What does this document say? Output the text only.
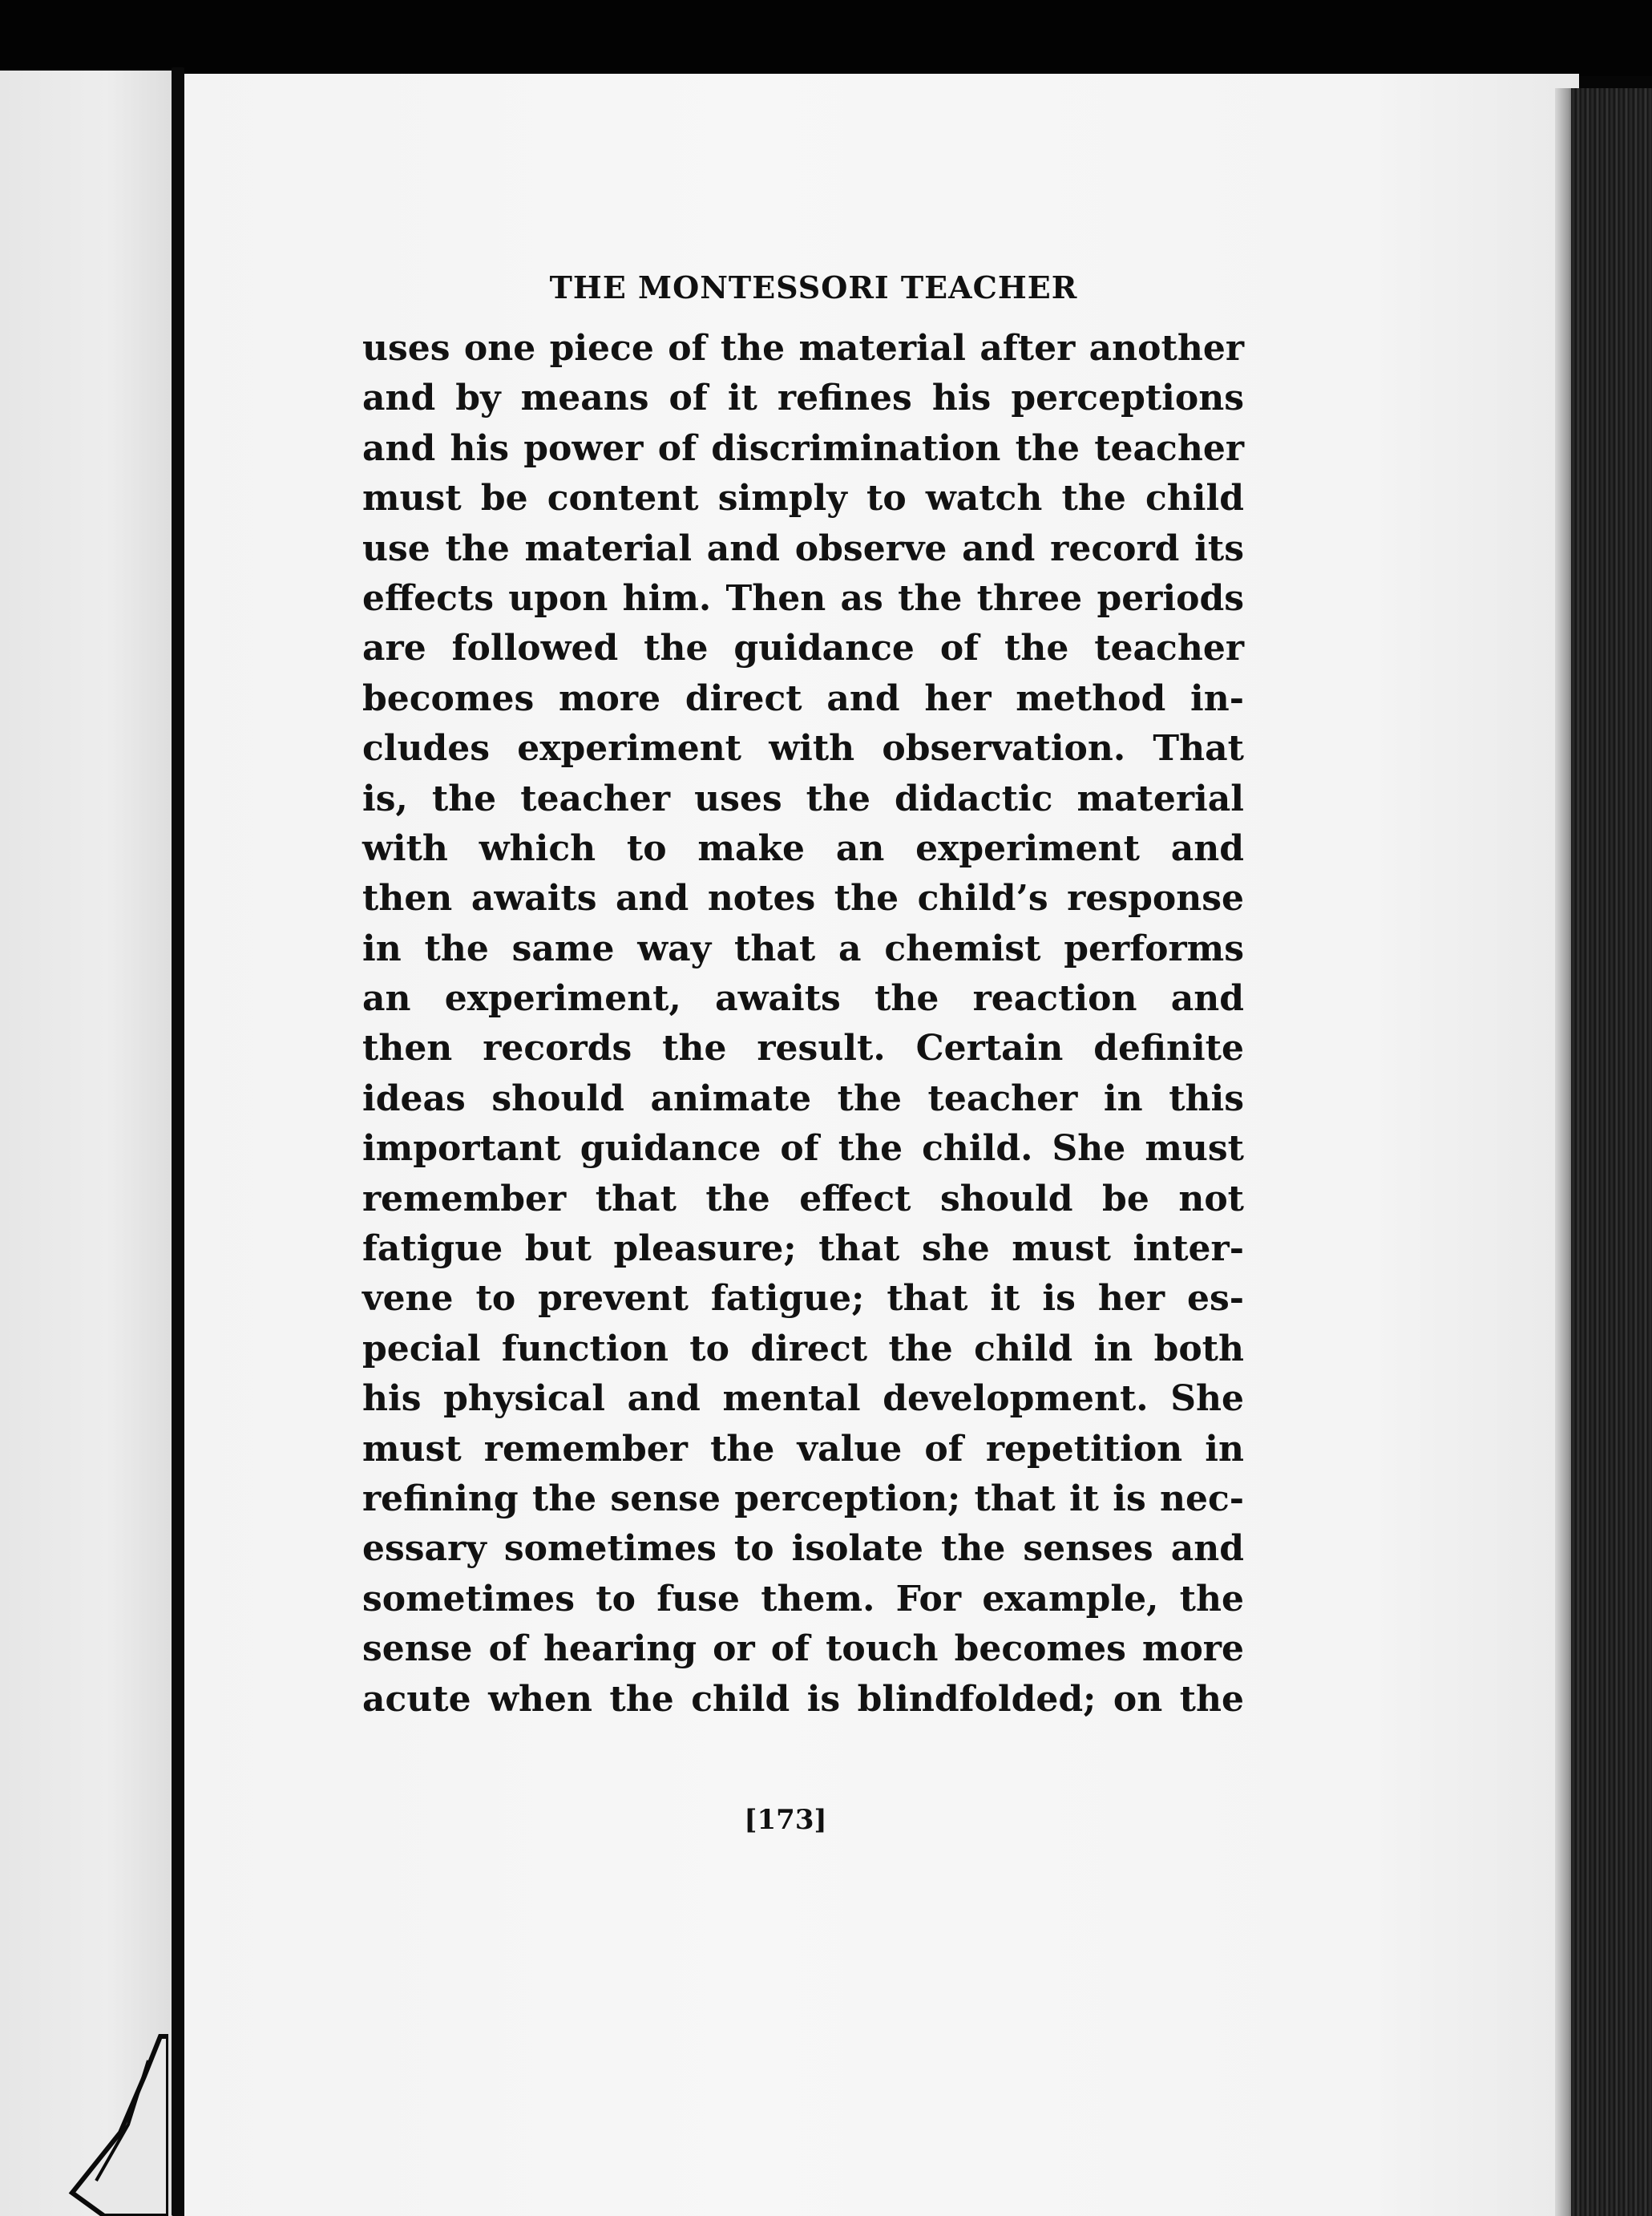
THE MONTESSORI TEACHER
uses one piece of the material after another
and by means of it refines his perceptions
and his power of discrimination the teacher
must be content simply to watch the child
use the material and observe and record its
effects upon him. Then as the three periods
are followed the guidance of the teacher
becomes more direct and her method in-
cludes experiment with observation. That
is, the teacher uses the didactic material
with which to make an experiment and
then awaits and notes the child’s response
in the same way that a chemist performs
an experiment, awaits the reaction and
then records the result. Certain definite
ideas should animate the teacher in this
important guidance of the child. She must
remember that the effect should be not
fatigue but pleasure; that she must inter-
vene to prevent fatigue; that it is her es-
pecial function to direct the child in both
his physical and mental development. She
must remember the value of repetition in
refining the sense perception; that it is nec-
essary sometimes to isolate the senses and
sometimes to fuse them. For example, the
sense of hearing or of touch becomes more
acute when the child is blindfolded; on the
[173]
